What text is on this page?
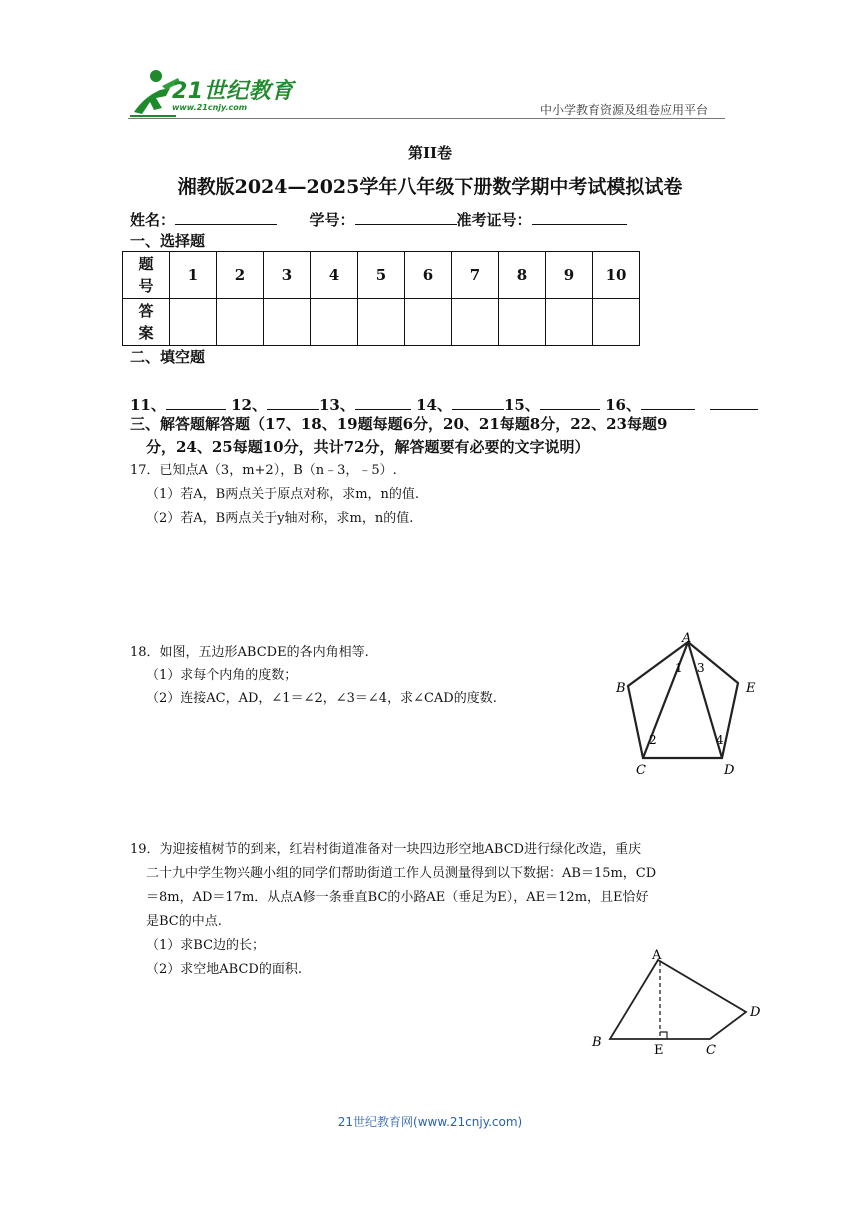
21世纪教育
www.21cnjy.com	中小学教育资源及组卷应用平台
第II卷
湘教版2024—2025学年八年级下册数学期中考试模拟试卷
姓名：	学号：	准考证号：
一、选择题
题号	1	2	3	4	5	6	7	8	9	10
答案										
二、填空题
11、	12、	13、	14、	15、	16、
三、解答题解答题（17、18、19题每题6分，20、21每题8分，22、23每题9
分，24、25每题10分，共计72分，解答题要有必要的文字说明）
17．已知点A（3，m+2），B（n﹣3，﹣5）.
（1）若A，B两点关于原点对称，求m，n的值.
（2）若A，B两点关于y轴对称，求m，n的值.
18．如图，五边形ABCDE的各内角相等.
（1）求每个内角的度数；
（2）连接AC，AD，∠1＝∠2，∠3＝∠4，求∠CAD的度数.
A
B
C	D
E
1
2
3
4
19．为迎接植树节的到来，红岩村街道准备对一块四边形空地ABCD进行绿化改造，重庆
二十九中学生物兴趣小组的同学们帮助街道工作人员测量得到以下数据：AB＝15m，CD
＝8m，AD＝17m．从点A修一条垂直BC的小路AE（垂足为E），AE＝12m，且E恰好
是BC的中点.
（1）求BC边的长；
（2）求空地ABCD的面积.
A
B
C
D
E
21世纪教育网(www.21cnjy.com)
